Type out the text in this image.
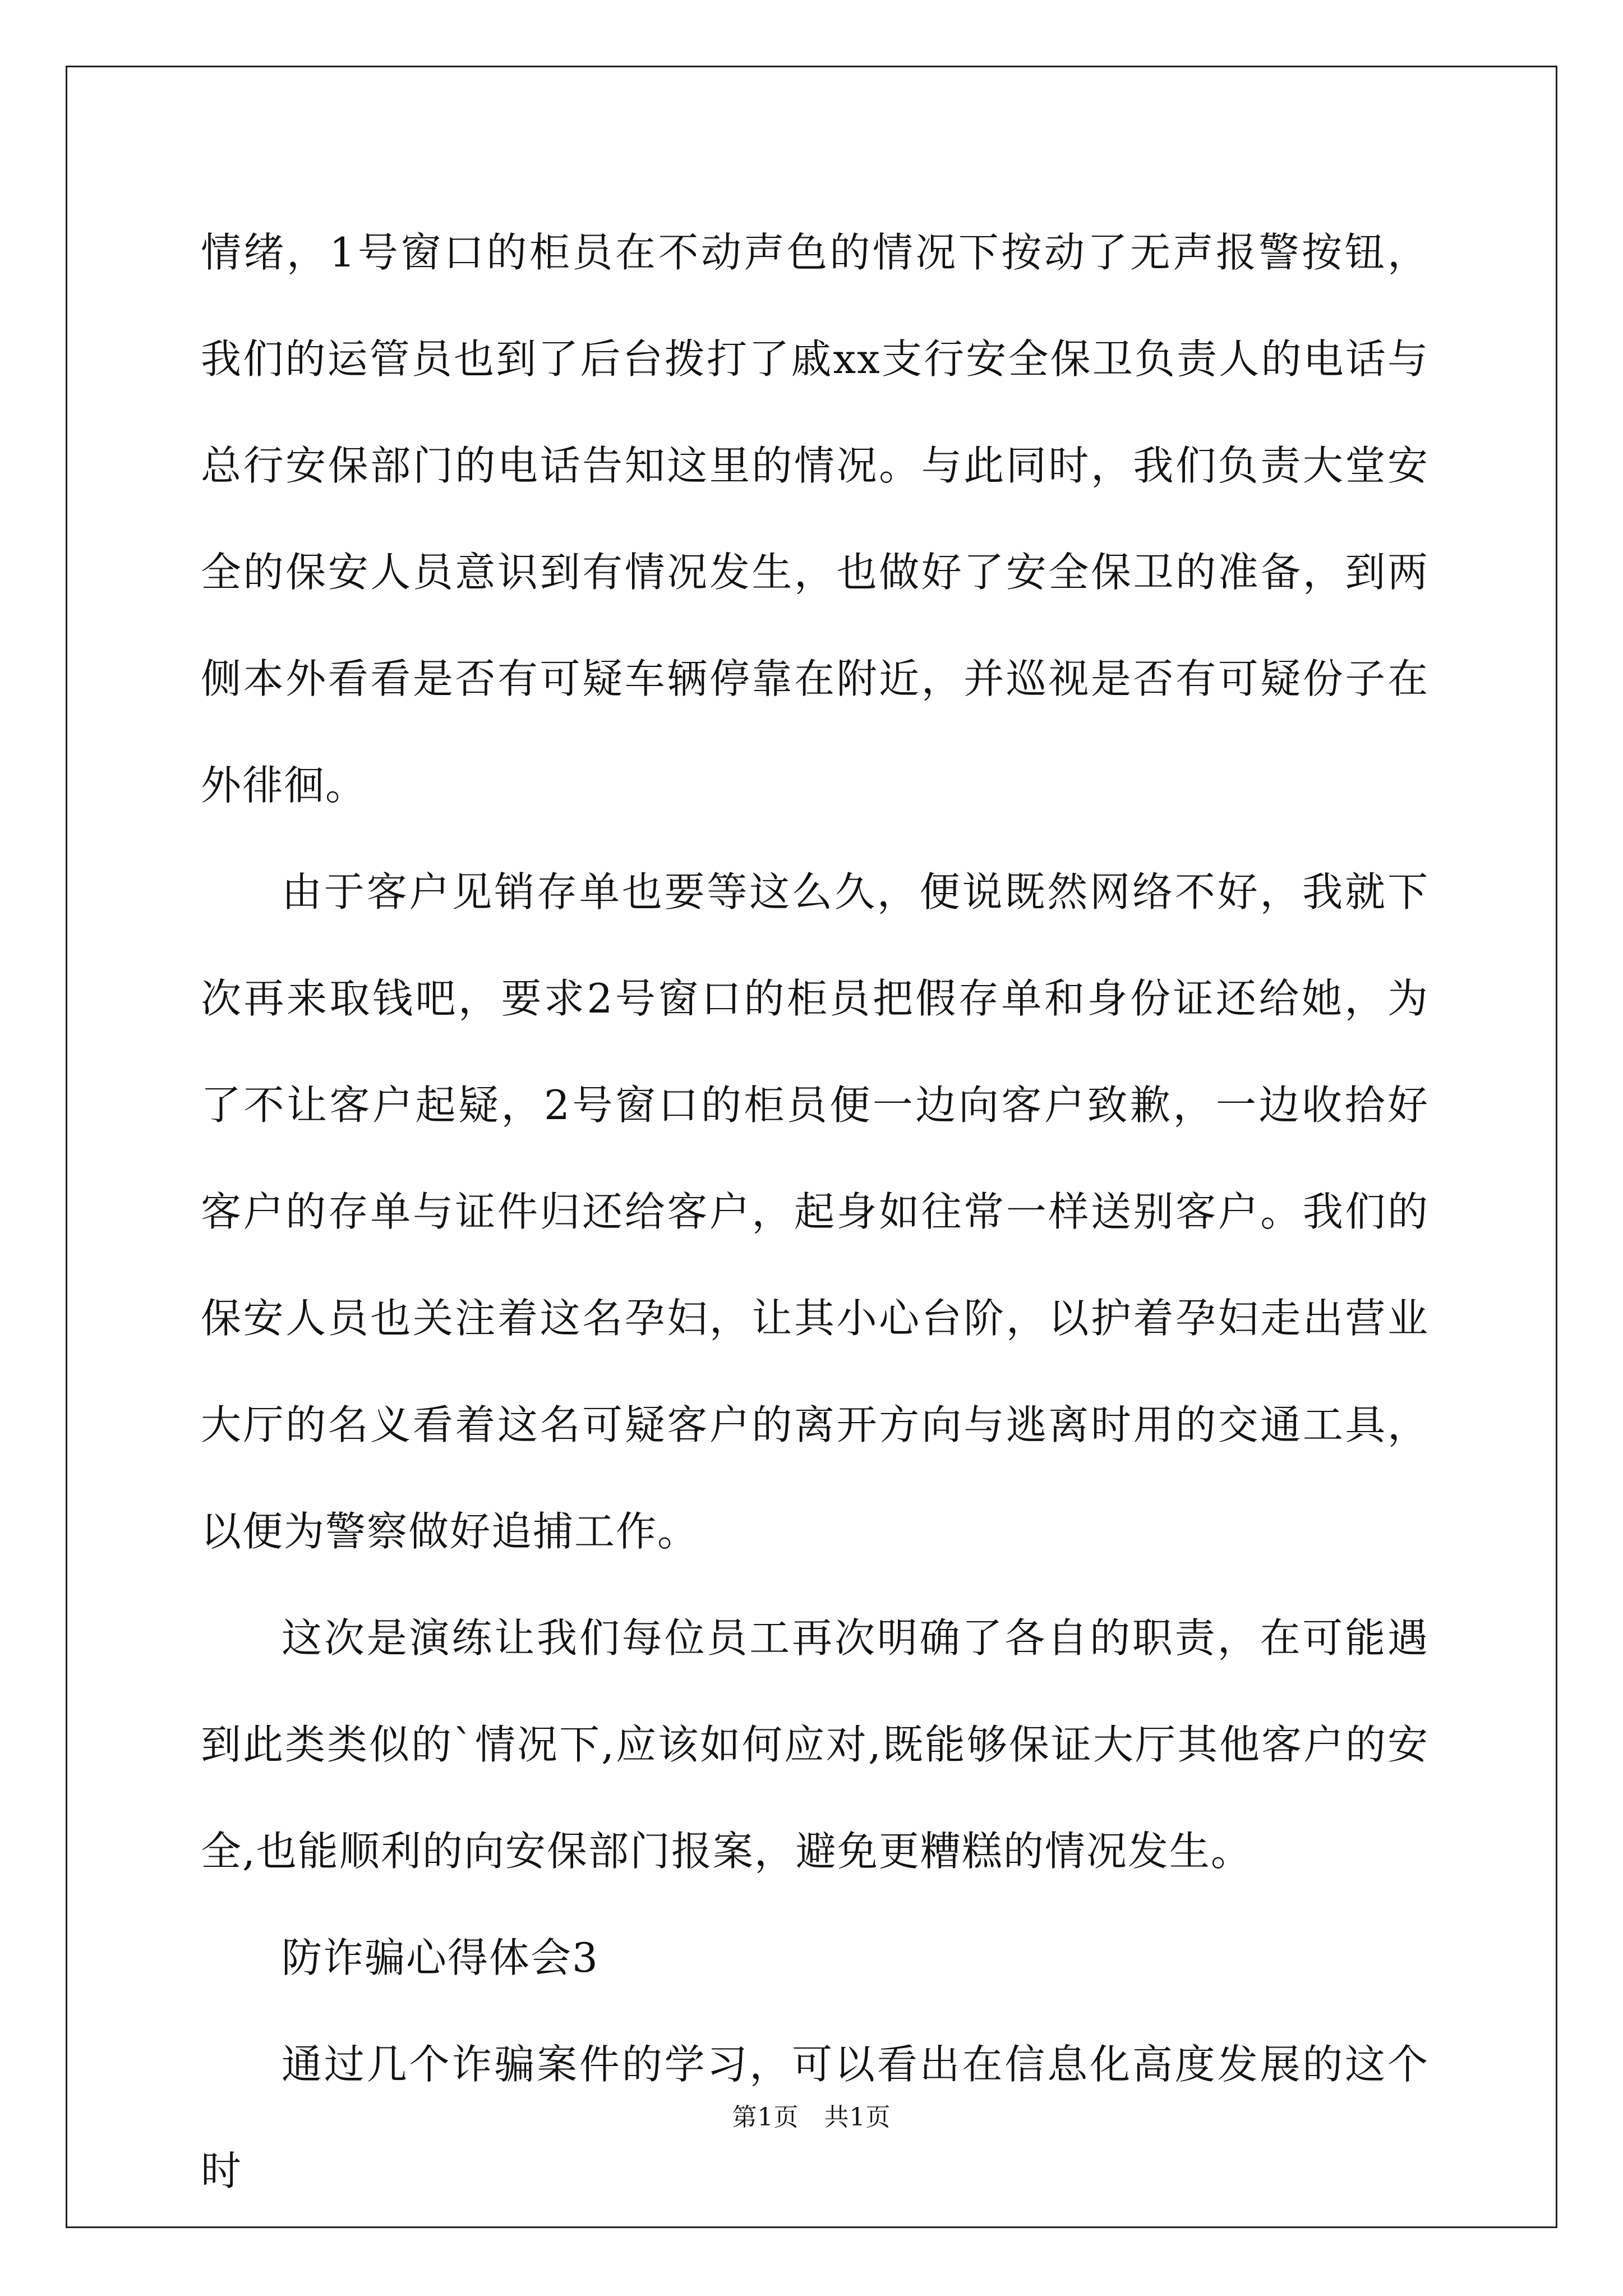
情绪，1号窗口的柜员在不动声色的情况下按动了无声报警按钮，我们的运管员也到了后台拨打了戚xx支行安全保卫负责人的电话与总行安保部门的电话告知这里的情况。与此同时，我们负责大堂安全的保安人员意识到有情况发生，也做好了安全保卫的准备，到两侧本外看看是否有可疑车辆停靠在附近，并巡视是否有可疑份子在外徘徊。

由于客户见销存单也要等这么久，便说既然网络不好，我就下次再来取钱吧，要求2号窗口的柜员把假存单和身份证还给她，为了不让客户起疑，2号窗口的柜员便一边向客户致歉，一边收拾好客户的存单与证件归还给客户，起身如往常一样送别客户。我们的保安人员也关注着这名孕妇，让其小心台阶，以护着孕妇走出营业大厅的名义看着这名可疑客户的离开方向与逃离时用的交通工具，以便为警察做好追捕工作。

这次是演练让我们每位员工再次明确了各自的职责，在可能遇到此类类似的`情况下,应该如何应对,既能够保证大厅其他客户的安全,也能顺利的向安保部门报案，避免更糟糕的情况发生。

防诈骗心得体会3

通过几个诈骗案件的学习，可以看出在信息化高度发展的这个时

第1页　共1页
